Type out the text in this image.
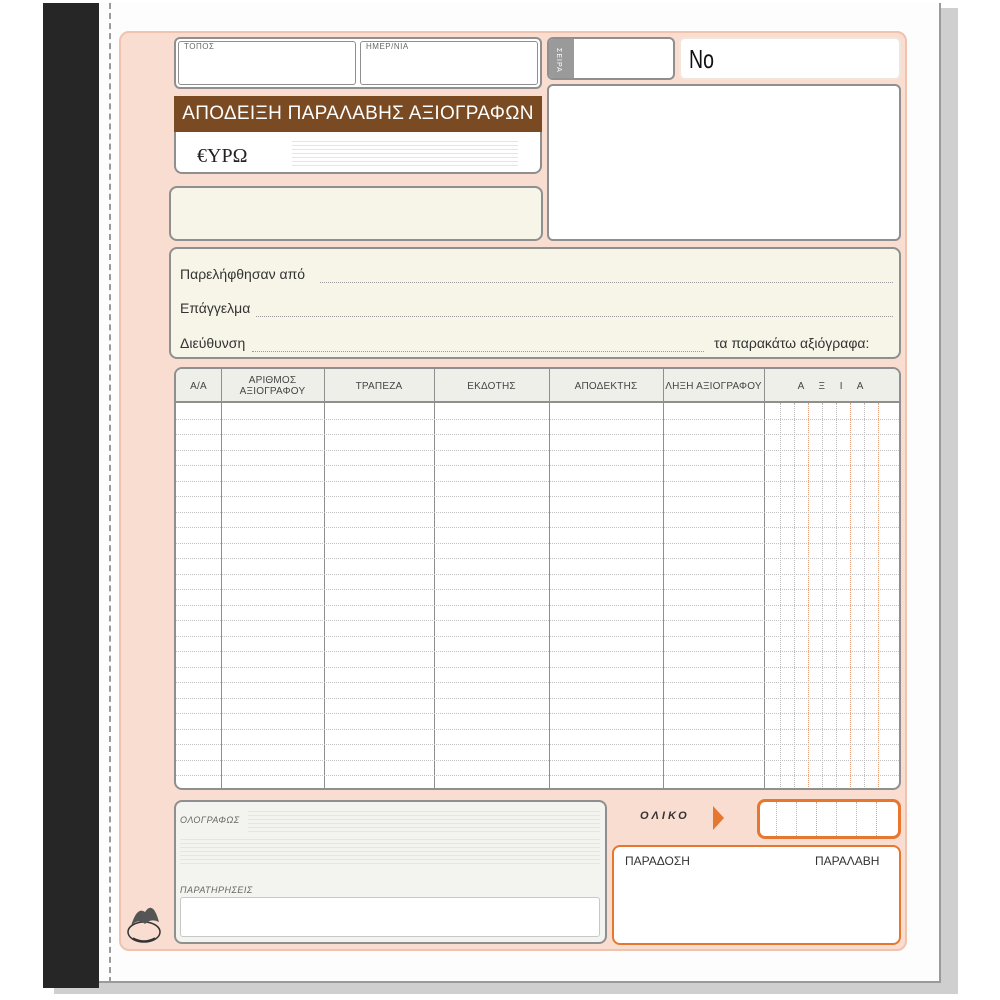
ΤΟΠΟΣ	ΗΜΕΡ/ΝΙΑ
ΑΠΟΔΕΙΞΗ ΠΑΡΑΛΑΒΗΣ ΑΞΙΟΓΡΑΦΩΝ
€ΥΡΩ
ΣΕΙΡΑ	No
Παρελήφθησαν από
Επάγγελμα
Διεύθυνση	τα παρακάτω αξιόγραφα:
Α/Α	ΑΡΙΘΜΟΣ ΑΞΙΟΓΡΑΦΟΥ	ΤΡΑΠΕΖΑ	ΕΚΔΟΤΗΣ	ΑΠΟΔΕΚΤΗΣ	ΛΗΞΗ ΑΞΙΟΓΡΑΦΟΥ	Α Ξ Ι Α
ΟΛΟΓΡΑΦΩΣ
ΠΑΡΑΤΗΡΗΣΕΙΣ
ΟΛΙΚΟ
ΠΑΡΑΔΟΣΗ	ΠΑΡΑΛΑΒΗ
